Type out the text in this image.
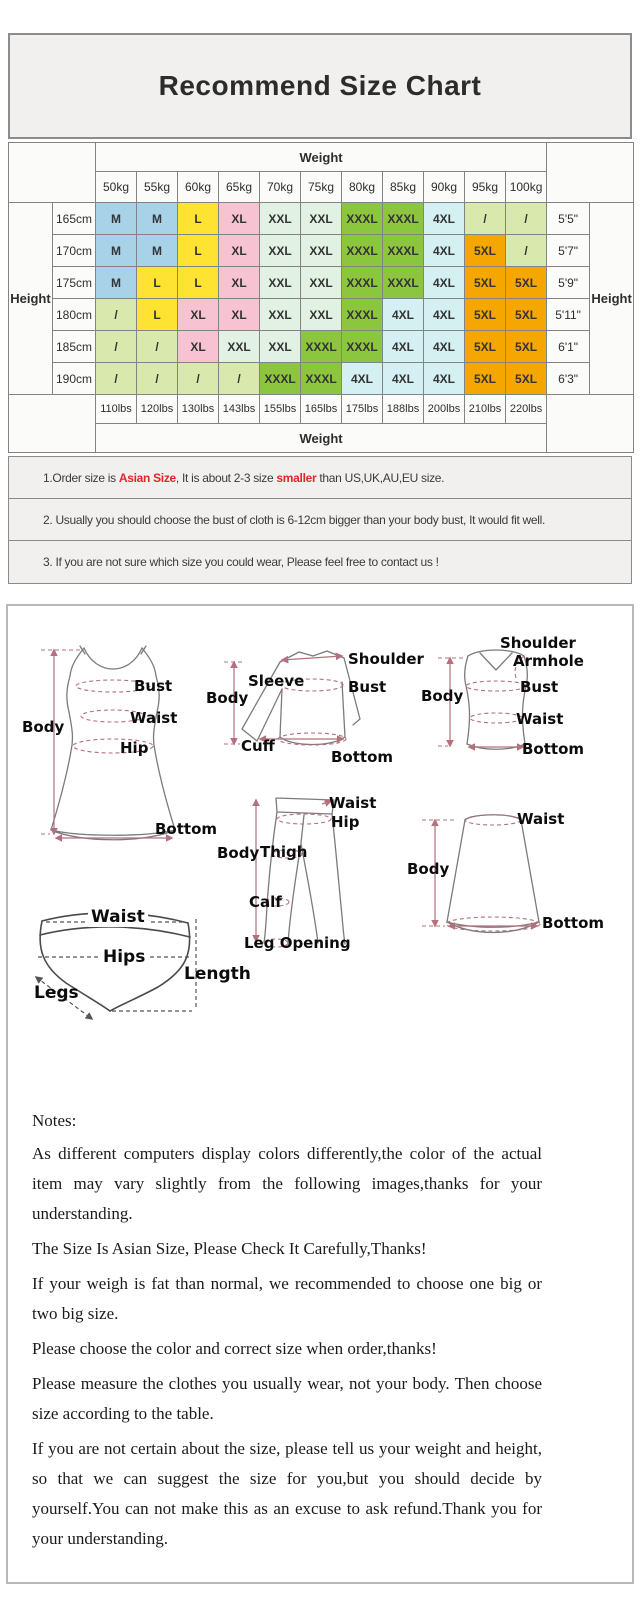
Recommend Size Chart
		Weight												
		50kg	55kg	60kg	65kg	70kg	75kg	80kg	85kg	90kg	95kg	100kg		
Height	165cm	M	M	L	XL	XXL	XXL	XXXL	XXXL	4XL	/	/	5'5"	Height
	170cm	M	M	L	XL	XXL	XXL	XXXL	XXXL	4XL	5XL	/	5'7"	
	175cm	M	L	L	XL	XXL	XXL	XXXL	XXXL	4XL	5XL	5XL	5'9"	
	180cm	/	L	XL	XL	XXL	XXL	XXXL	4XL	4XL	5XL	5XL	5'11"	
	185cm	/	/	XL	XXL	XXL	XXXL	XXXL	4XL	4XL	5XL	5XL	6'1"	
	190cm	/	/	/	/	XXXL	XXXL	4XL	4XL	4XL	5XL	5XL	6'3"	
		110lbs	120lbs	130lbs	143lbs	155lbs	165lbs	175lbs	188lbs	200lbs	210lbs	220lbs		
		Weight												
1.Order size is Asian Size, It is about 2-3 size smaller than US,UK,AU,EU size.
2. Usually you should choose the bust of cloth is 6-12cm bigger than your body bust, It would fit well.
3. If you are not sure which size you could wear, Please feel free to contact us !
Body
Bust
Waist
Hip
Bottom
Shoulder
Sleeve
Body
Bust
Cuff
Bottom
Shoulder
Armhole
Body	Bust
Waist
Bottom
Waist
Hip
Body Thigh
Calf
Leg Opening
Waist
Body
Bottom
Waist
Hips
Legs
Length

Notes:

As different computers display colors differently,the color of the actual item may vary slightly from the following images,thanks for your understanding.

The Size Is Asian Size, Please Check It Carefully,Thanks!

If your weigh is fat than normal, we recommended to choose one big or two big size.

Please choose the color and correct size when order,thanks!

Please measure the clothes you usually wear, not your body. Then choose size according to the table.

If you are not certain about the size, please tell us your weight and height, so that we can suggest the size for you,but you should decide by yourself.You can not make this as an excuse to ask refund.Thank you for your understanding.
